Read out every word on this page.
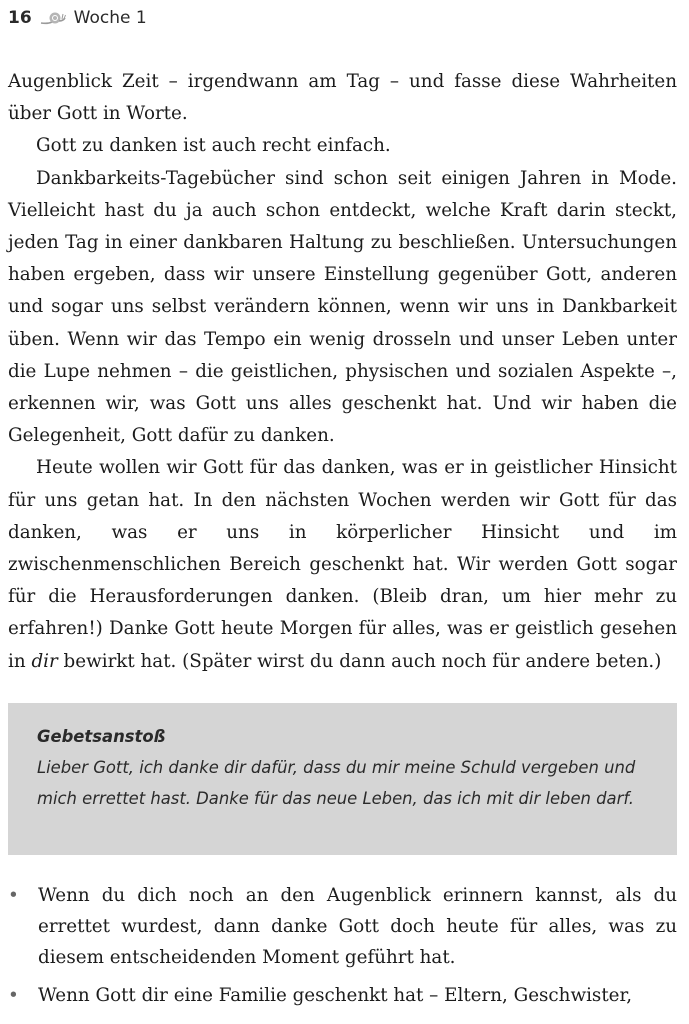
16 Woche 1

Augenblick Zeit – irgendwann am Tag – und fasse diese Wahrheiten über Gott in Worte.

Gott zu danken ist auch recht einfach.

Dankbarkeits-Tagebücher sind schon seit einigen Jahren in Mode. Vielleicht hast du ja auch schon entdeckt, welche Kraft darin steckt, jeden Tag in einer dankbaren Haltung zu beschließen. Untersuchungen haben ergeben, dass wir unsere Einstellung gegenüber Gott, anderen und sogar uns selbst verändern können, wenn wir uns in Dankbarkeit üben. Wenn wir das Tempo ein wenig drosseln und unser Leben unter die Lupe nehmen – die geistlichen, physischen und sozialen Aspekte –, erkennen wir, was Gott uns alles geschenkt hat. Und wir haben die Gelegenheit, Gott dafür zu danken.

Heute wollen wir Gott für das danken, was er in geistlicher Hinsicht für uns getan hat. In den nächsten Wochen werden wir Gott für das danken, was er uns in körperlicher Hinsicht und im zwischenmenschlichen Bereich geschenkt hat. Wir werden Gott sogar für die Herausforderungen danken. (Bleib dran, um hier mehr zu erfahren!) Danke Gott heute Morgen für alles, was er geistlich gesehen in dir bewirkt hat. (Später wirst du dann auch noch für andere beten.)

Gebetsanstoß
Lieber Gott, ich danke dir dafür, dass du mir meine Schuld vergeben und mich errettet hast. Danke für das neue Leben, das ich mit dir leben darf.
•	Wenn du dich noch an den Augenblick erinnern kannst, als du errettet wurdest, dann danke Gott doch heute für alles, was zu diesem entscheidenden Moment geführt hat.
•	Wenn Gott dir eine Familie geschenkt hat – Eltern, Geschwister,
